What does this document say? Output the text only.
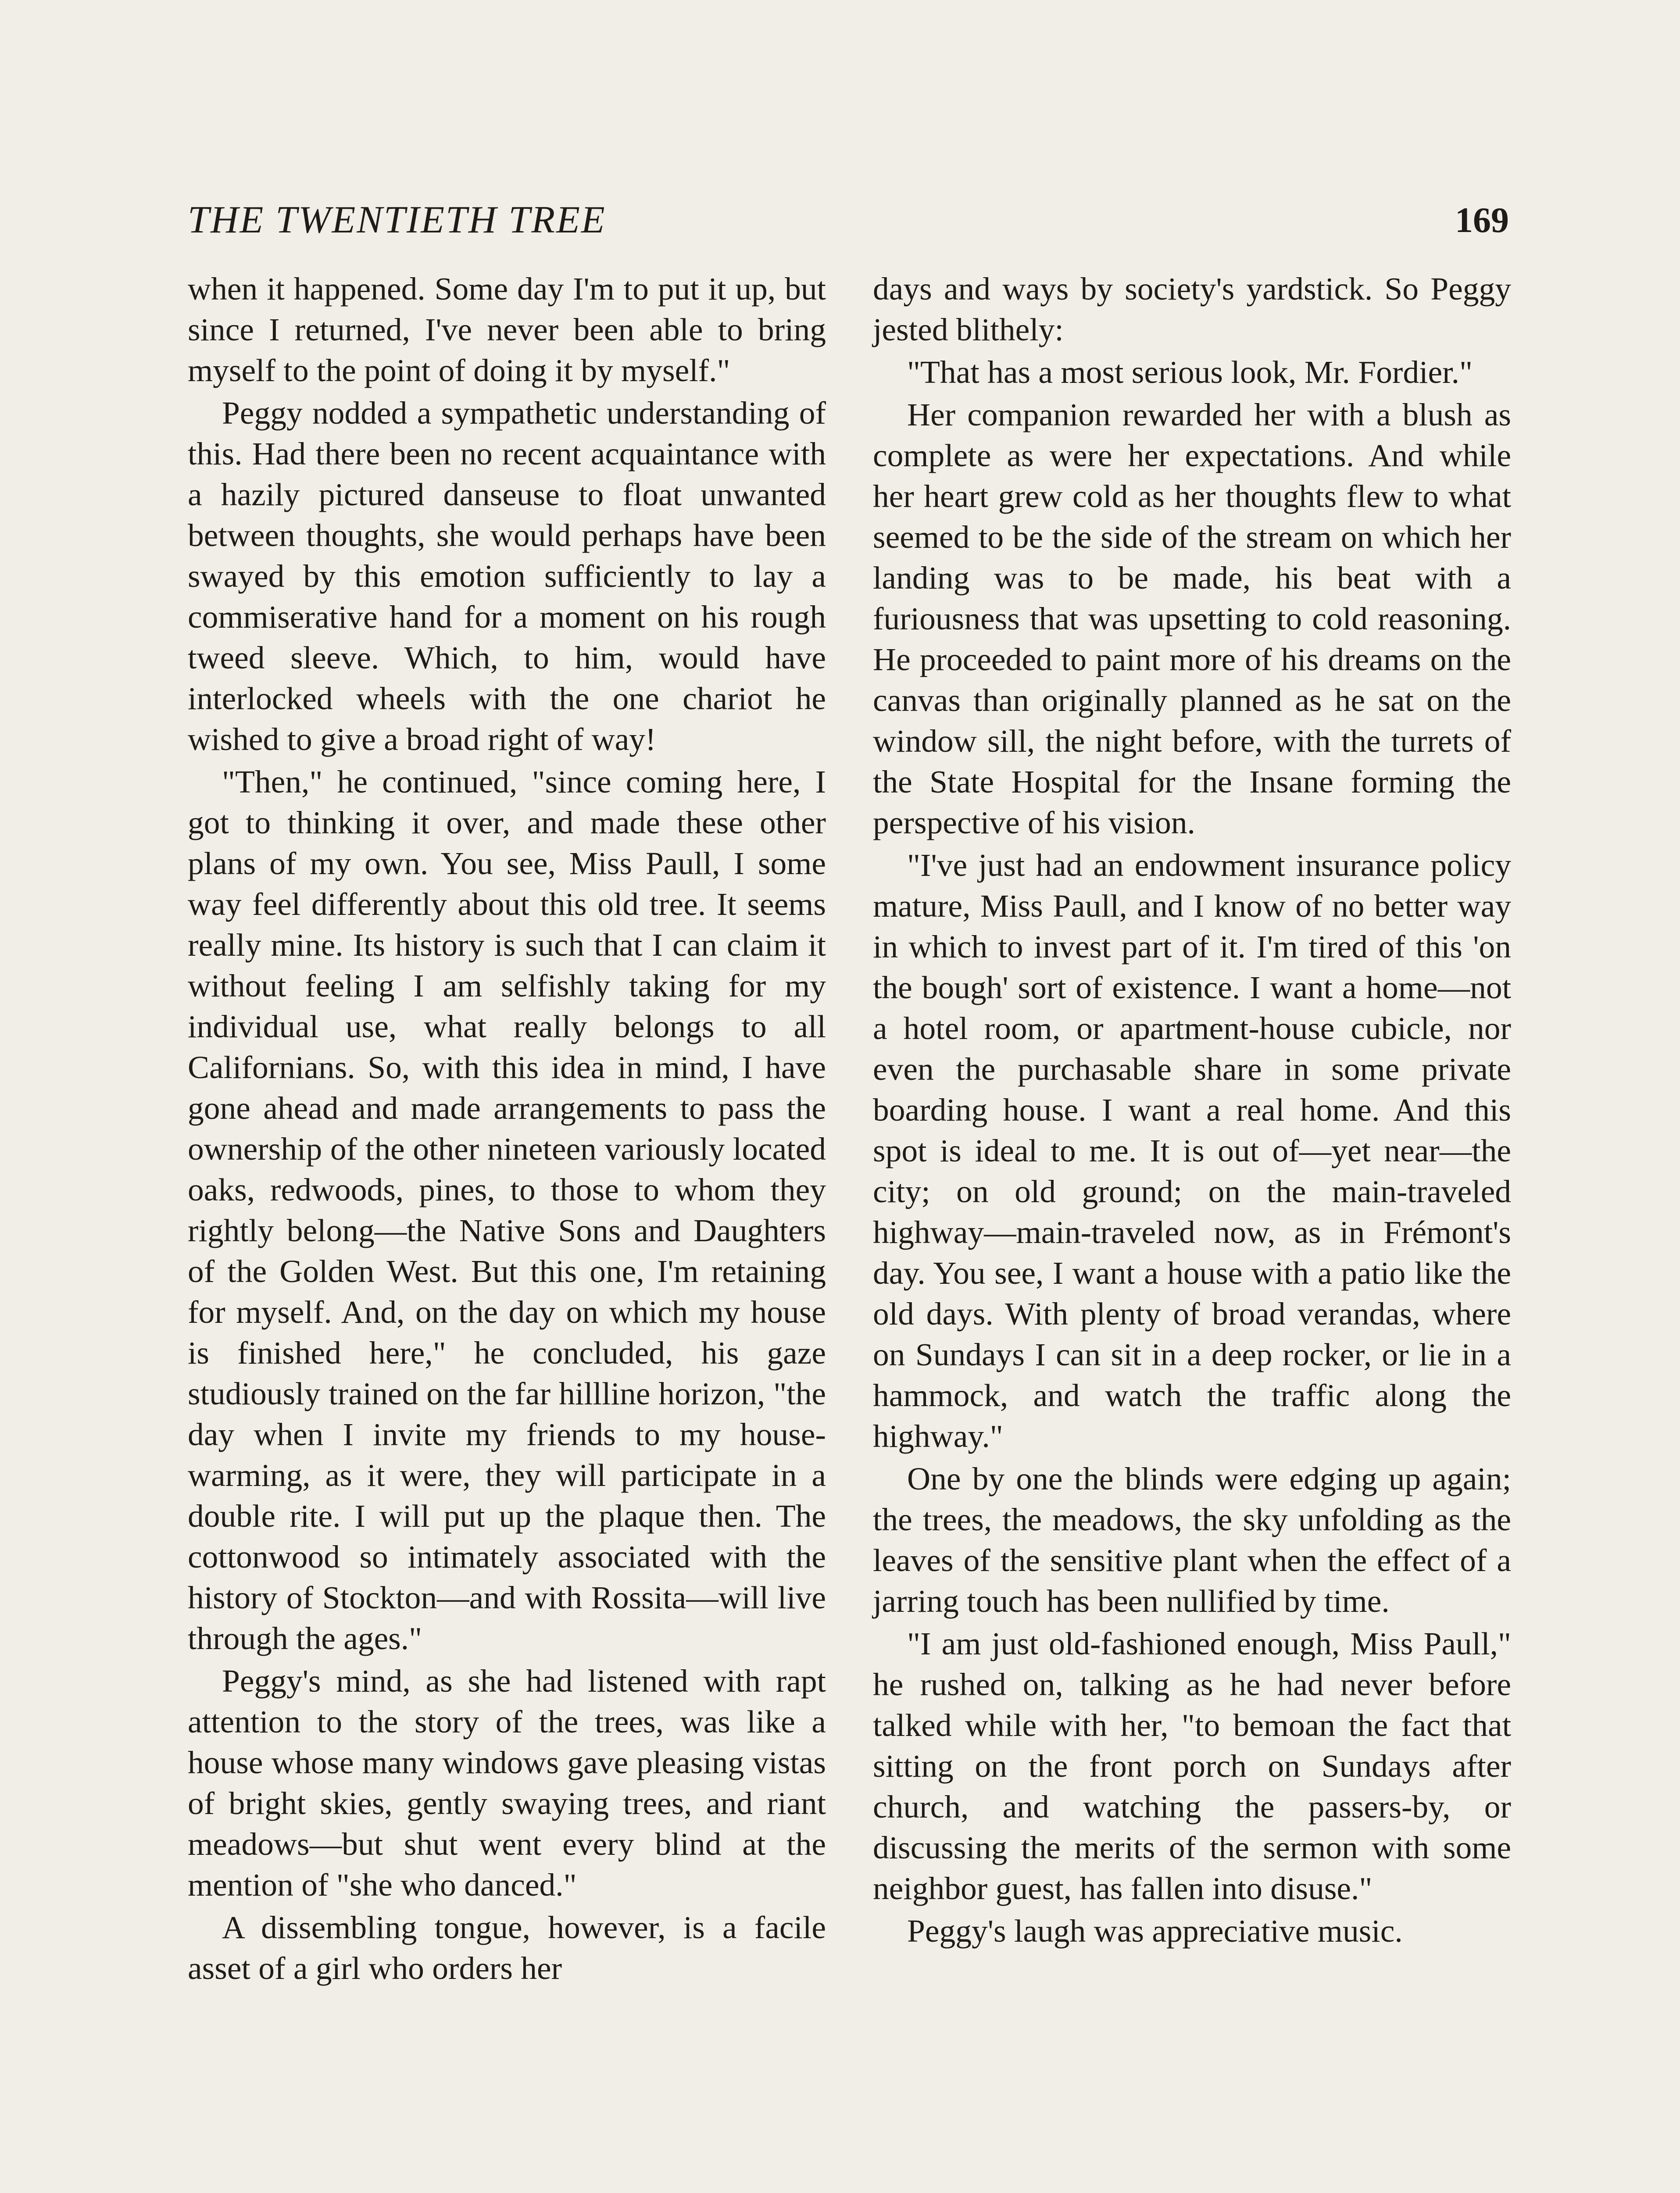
THE TWENTIETH TREE	169

when it happened. Some day I'm to put it up, but since I returned, I've never been able to bring myself to the point of doing it by myself."

Peggy nodded a sympathetic understanding of this. Had there been no recent acquaintance with a hazily pictured danseuse to float unwanted between thoughts, she would perhaps have been swayed by this emotion sufficiently to lay a commiserative hand for a moment on his rough tweed sleeve. Which, to him, would have interlocked wheels with the one chariot he wished to give a broad right of way!

"Then," he continued, "since coming here, I got to thinking it over, and made these other plans of my own. You see, Miss Paull, I some way feel differently about this old tree. It seems really mine. Its history is such that I can claim it without feeling I am selfishly taking for my individual use, what really belongs to all Californians. So, with this idea in mind, I have gone ahead and made arrangements to pass the ownership of the other nineteen variously located oaks, redwoods, pines, to those to whom they rightly belong—the Native Sons and Daughters of the Golden West. But this one, I'm retaining for myself. And, on the day on which my house is finished here," he concluded, his gaze studiously trained on the far hillline horizon, "the day when I invite my friends to my house-warming, as it were, they will participate in a double rite. I will put up the plaque then. The cottonwood so intimately associated with the history of Stockton—and with Rossita—will live through the ages."

Peggy's mind, as she had listened with rapt attention to the story of the trees, was like a house whose many windows gave pleasing vistas of bright skies, gently swaying trees, and riant meadows—but shut went every blind at the mention of "she who danced."

A dissembling tongue, however, is a facile asset of a girl who orders her

days and ways by society's yardstick. So Peggy jested blithely:

"That has a most serious look, Mr. Fordier."

Her companion rewarded her with a blush as complete as were her expectations. And while her heart grew cold as her thoughts flew to what seemed to be the side of the stream on which her landing was to be made, his beat with a furiousness that was upsetting to cold reasoning. He proceeded to paint more of his dreams on the canvas than originally planned as he sat on the window sill, the night before, with the turrets of the State Hospital for the Insane forming the perspective of his vision.

"I've just had an endowment insurance policy mature, Miss Paull, and I know of no better way in which to invest part of it. I'm tired of this 'on the bough' sort of existence. I want a home—not a hotel room, or apartment-house cubicle, nor even the purchasable share in some private boarding house. I want a real home. And this spot is ideal to me. It is out of—yet near—the city; on old ground; on the main-traveled highway—main-traveled now, as in Frémont's day. You see, I want a house with a patio like the old days. With plenty of broad verandas, where on Sundays I can sit in a deep rocker, or lie in a hammock, and watch the traffic along the highway."

One by one the blinds were edging up again; the trees, the meadows, the sky unfolding as the leaves of the sensitive plant when the effect of a jarring touch has been nullified by time.

"I am just old-fashioned enough, Miss Paull," he rushed on, talking as he had never before talked while with her, "to bemoan the fact that sitting on the front porch on Sundays after church, and watching the passers-by, or discussing the merits of the sermon with some neighbor guest, has fallen into disuse."

Peggy's laugh was appreciative music.
